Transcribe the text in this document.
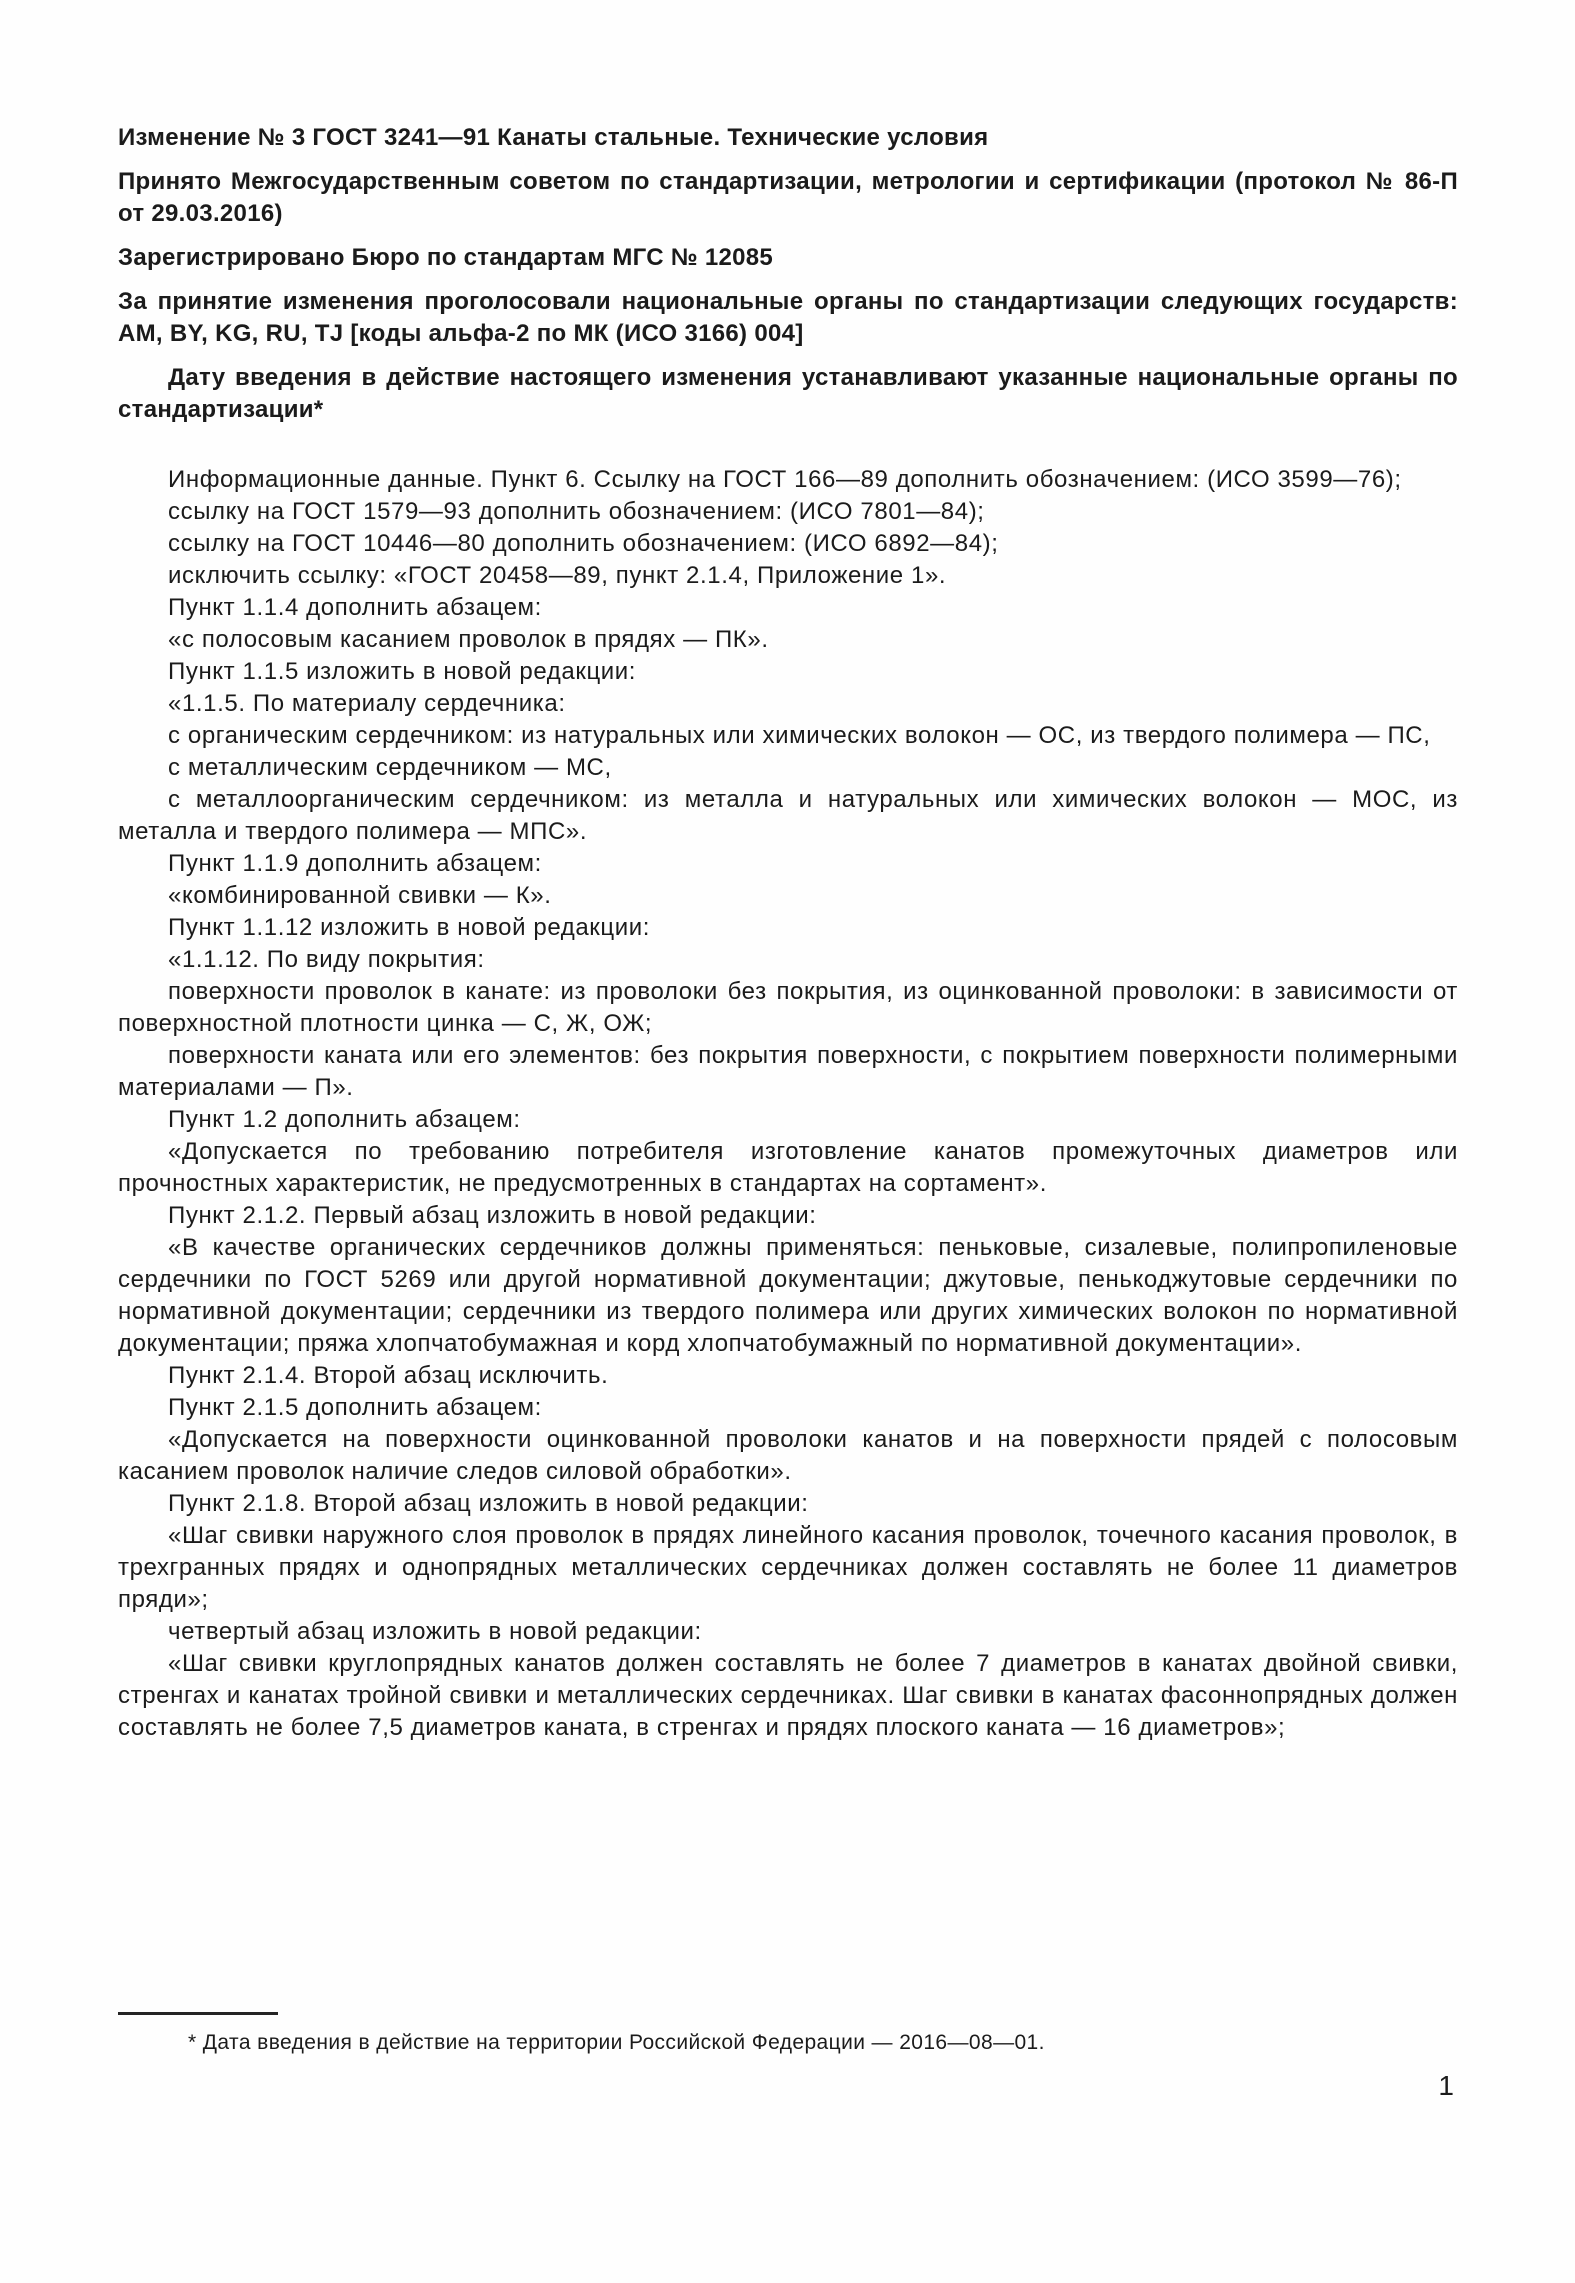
Изменение № 3 ГОСТ 3241—91 Канаты стальные. Технические условия

Принято Межгосударственным советом по стандартизации, метрологии и сертификации (протокол № 86-П от 29.03.2016)

Зарегистрировано Бюро по стандартам МГС № 12085

За принятие изменения проголосовали национальные органы по стандартизации следующих государств: AM, BY, KG, RU, TJ [коды альфа-2 по МК (ИСО 3166) 004]

Дату введения в действие настоящего изменения устанавливают указанные национальные органы по стандартизации*

Информационные данные. Пункт 6. Ссылку на ГОСТ 166—89 дополнить обозначением: (ИСО 3599—76);

ссылку на ГОСТ 1579—93 дополнить обозначением: (ИСО 7801—84);

ссылку на ГОСТ 10446—80 дополнить обозначением: (ИСО 6892—84);

исключить ссылку: «ГОСТ 20458—89, пункт 2.1.4, Приложение 1».

Пункт 1.1.4 дополнить абзацем:

«с полосовым касанием проволок в прядях — ПК».

Пункт 1.1.5 изложить в новой редакции:

«1.1.5. По материалу сердечника:

с органическим сердечником: из натуральных или химических волокон — ОС, из твердого полимера — ПС,

с металлическим сердечником — МС,

с металлоорганическим сердечником: из металла и натуральных или химических волокон — МОС, из металла и твердого полимера — МПС».

Пункт 1.1.9 дополнить абзацем:

«комбинированной свивки — К».

Пункт 1.1.12 изложить в новой редакции:

«1.1.12. По виду покрытия:

поверхности проволок в канате: из проволоки без покрытия, из оцинкованной проволоки: в зависимости от поверхностной плотности цинка — С, Ж, ОЖ;

поверхности каната или его элементов: без покрытия поверхности, с покрытием поверхности полимерными материалами — П».

Пункт 1.2 дополнить абзацем:

«Допускается по требованию потребителя изготовление канатов промежуточных диаметров или прочностных характеристик, не предусмотренных в стандартах на сортамент».

Пункт 2.1.2. Первый абзац изложить в новой редакции:

«В качестве органических сердечников должны применяться: пеньковые, сизалевые, полипропиленовые сердечники по ГОСТ 5269 или другой нормативной документации; джутовые, пенькоджутовые сердечники по нормативной документации; сердечники из твердого полимера или других химических волокон по нормативной документации; пряжа хлопчатобумажная и корд хлопчатобумажный по нормативной документации».

Пункт 2.1.4. Второй абзац исключить.

Пункт 2.1.5 дополнить абзацем:

«Допускается на поверхности оцинкованной проволоки канатов и на поверхности прядей с полосовым касанием проволок наличие следов силовой обработки».

Пункт 2.1.8. Второй абзац изложить в новой редакции:

«Шаг свивки наружного слоя проволок в прядях линейного касания проволок, точечного касания проволок, в трехгранных прядях и однопрядных металлических сердечниках должен составлять не более 11 диаметров пряди»;

четвертый абзац изложить в новой редакции:

«Шаг свивки круглопрядных канатов должен составлять не более 7 диаметров в канатах двойной свивки, стренгах и канатах тройной свивки и металлических сердечниках. Шаг свивки в канатах фасоннопрядных должен составлять не более 7,5 диаметров каната, в стренгах и прядях плоского каната — 16 диаметров»;

* Дата введения в действие на территории Российской Федерации — 2016—08—01.

1
